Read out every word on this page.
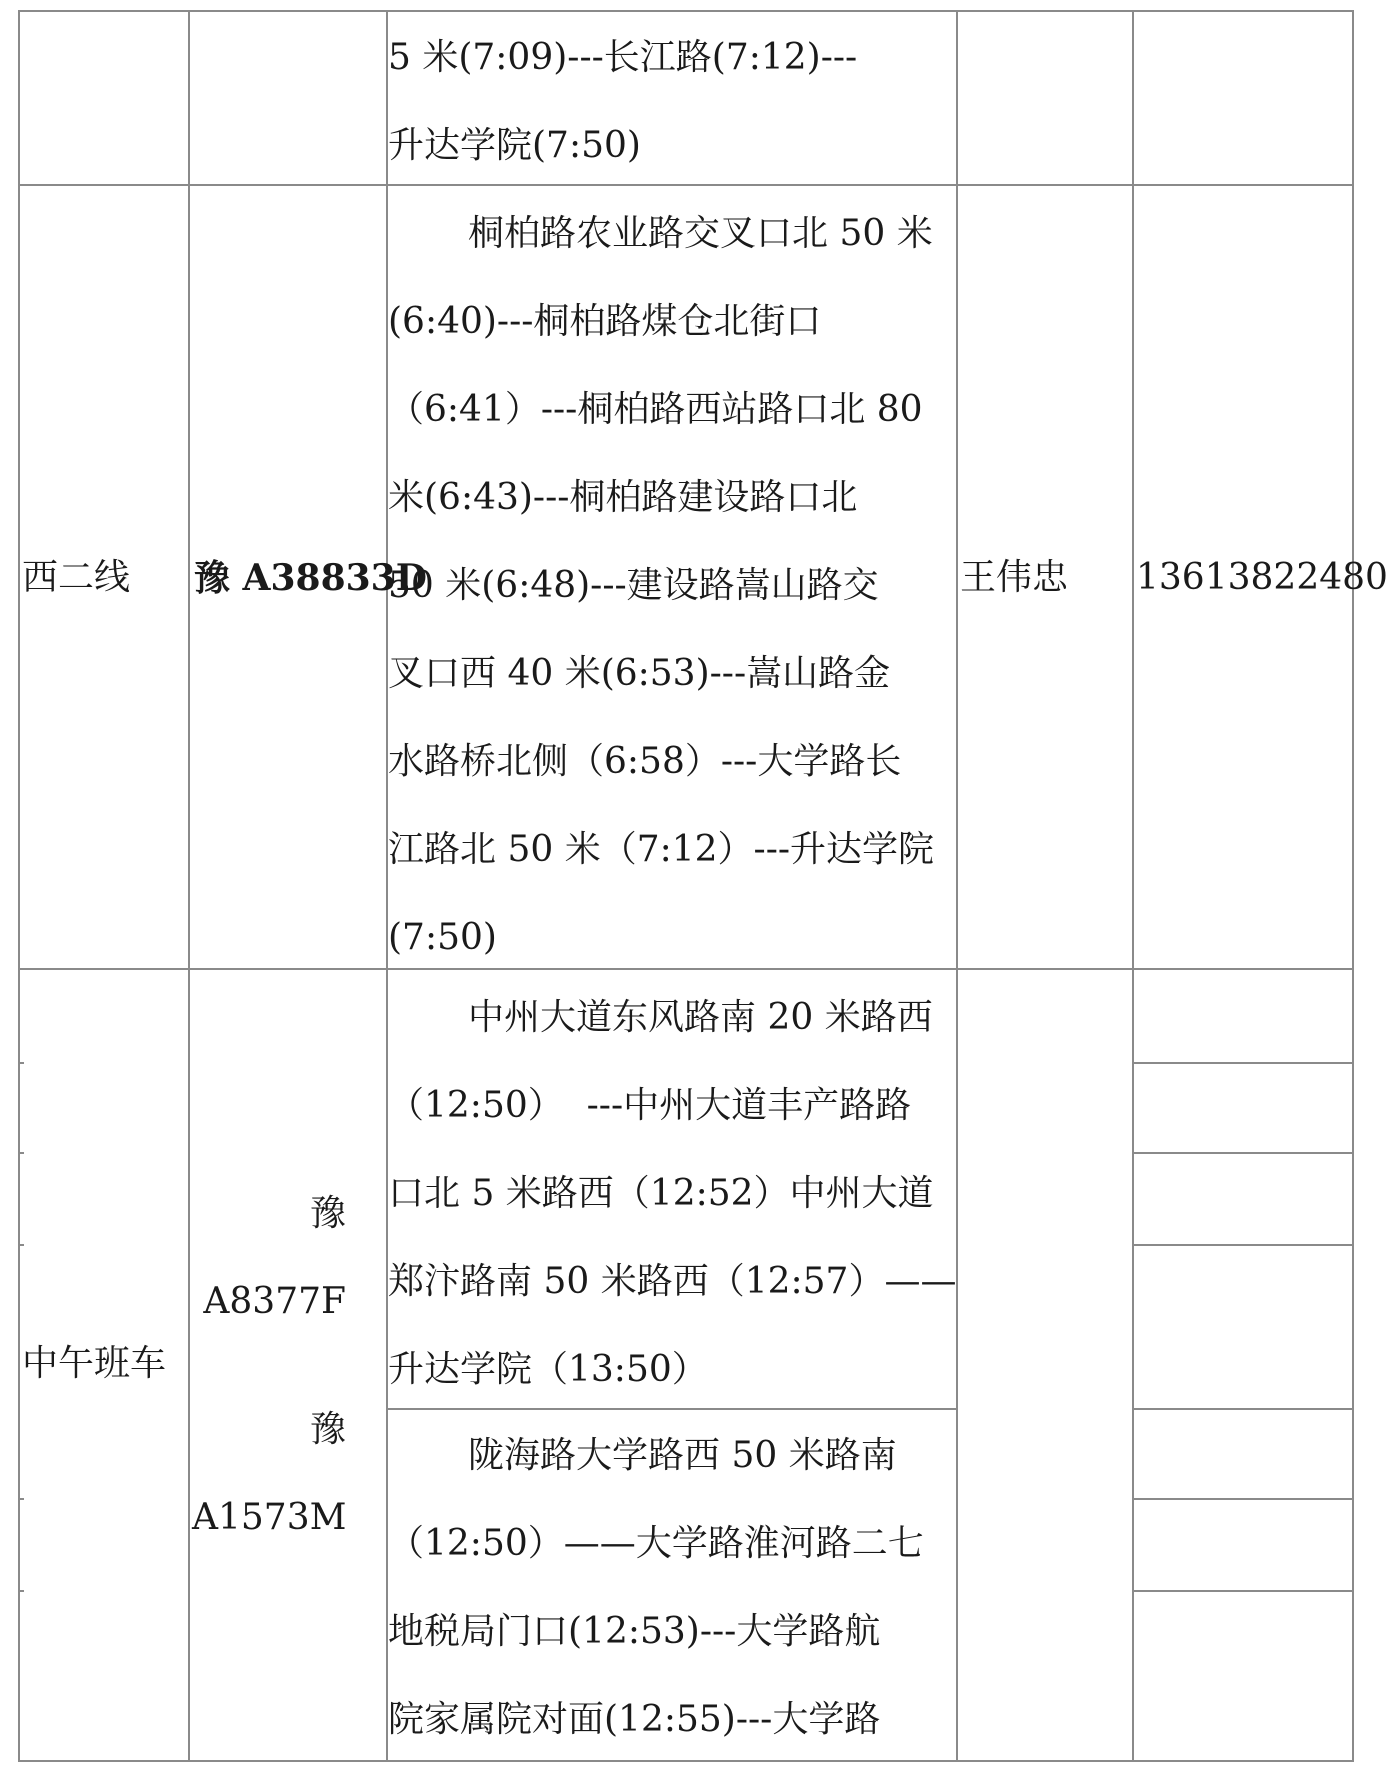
5 米(7:09)---长江路(7:12)---
升达学院(7:50)
西二线 豫 A38833D
桐柏路农业路交叉口北 50 米
(6:40)---桐柏路煤仓北街口
（6:41）---桐柏路西站路口北 80
米(6:43)---桐柏路建设路口北
50 米(6:48)---建设路嵩山路交
叉口西 40 米(6:53)---嵩山路金
水路桥北侧（6:58）---大学路长
江路北 50 米（7:12）---升达学院
(7:50)
王伟忠 13613822480
中午班车
豫
A8377F
豫
A1573M
中州大道东风路南 20 米路西
（12:50）  ---中州大道丰产路路
口北 5 米路西（12:52）中州大道
郑汴路南 50 米路西（12:57）——
升达学院（13:50）
陇海路大学路西 50 米路南
（12:50）——大学路淮河路二七
地税局门口(12:53)---大学路航
院家属院对面(12:55)---大学路
